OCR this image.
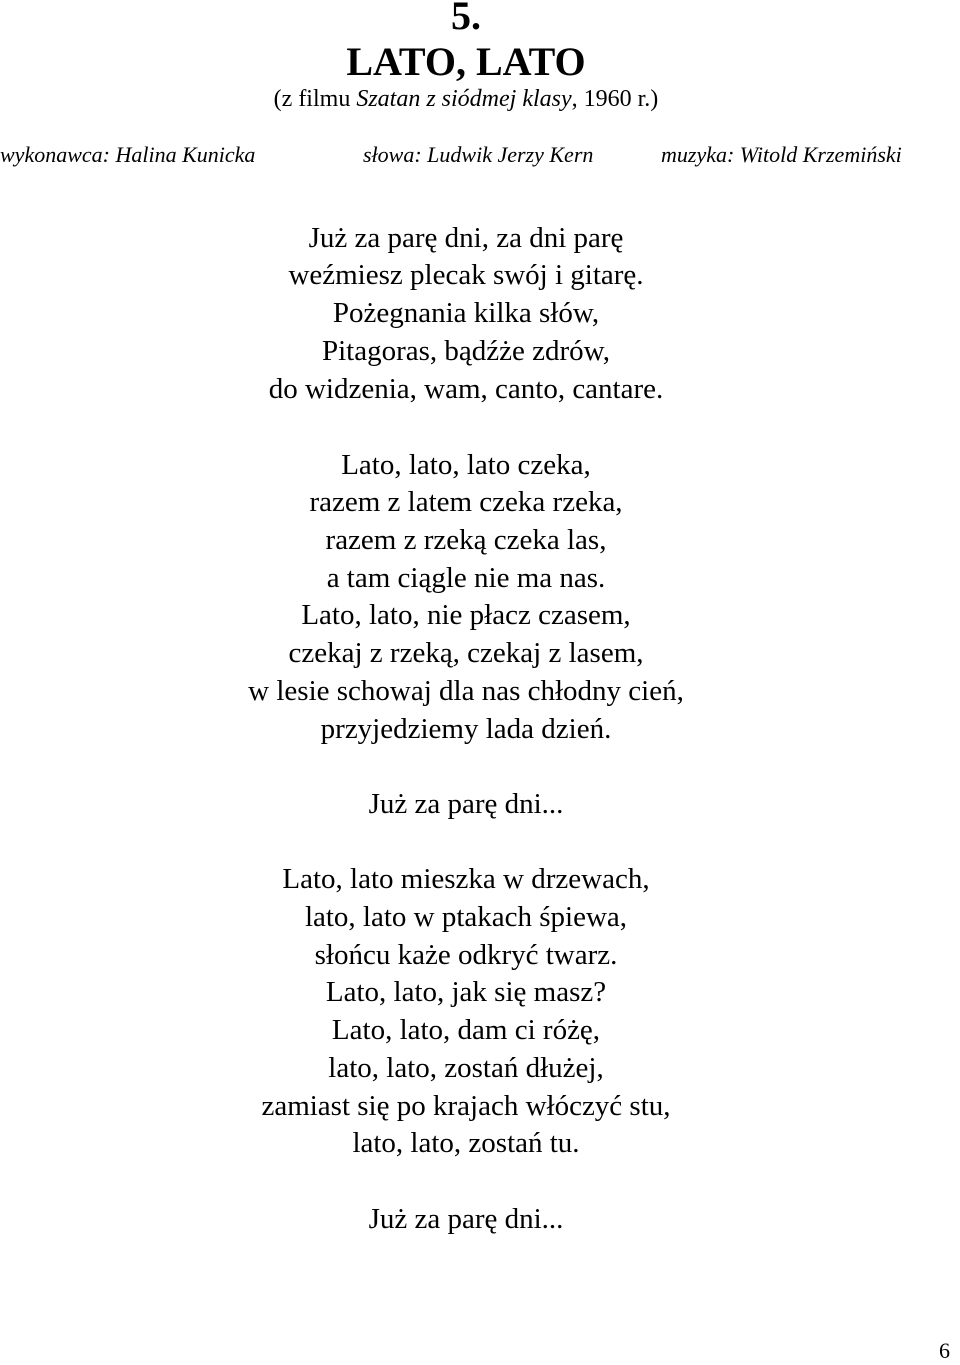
5.
LATO, LATO
(z filmu Szatan z siódmej klasy, 1960 r.)
wykonawca: Halina Kunicka	słowa: Ludwik Jerzy Kern	muzyka: Witold Krzemiński
Już za parę dni, za dni parę
weźmiesz plecak swój i gitarę.
Pożegnania kilka słów,
Pitagoras, bądźże zdrów,
do widzenia, wam, canto, cantare.
Lato, lato, lato czeka,
razem z latem czeka rzeka,
razem z rzeką czeka las,
a tam ciągle nie ma nas.
Lato, lato, nie płacz czasem,
czekaj z rzeką, czekaj z lasem,
w lesie schowaj dla nas chłodny cień,
przyjedziemy lada dzień.
Już za parę dni...
Lato, lato mieszka w drzewach,
lato, lato w ptakach śpiewa,
słońcu każe odkryć twarz.
Lato, lato, jak się masz?
Lato, lato, dam ci różę,
lato, lato, zostań dłużej,
zamiast się po krajach włóczyć stu,
lato, lato, zostań tu.
Już za parę dni...
6
